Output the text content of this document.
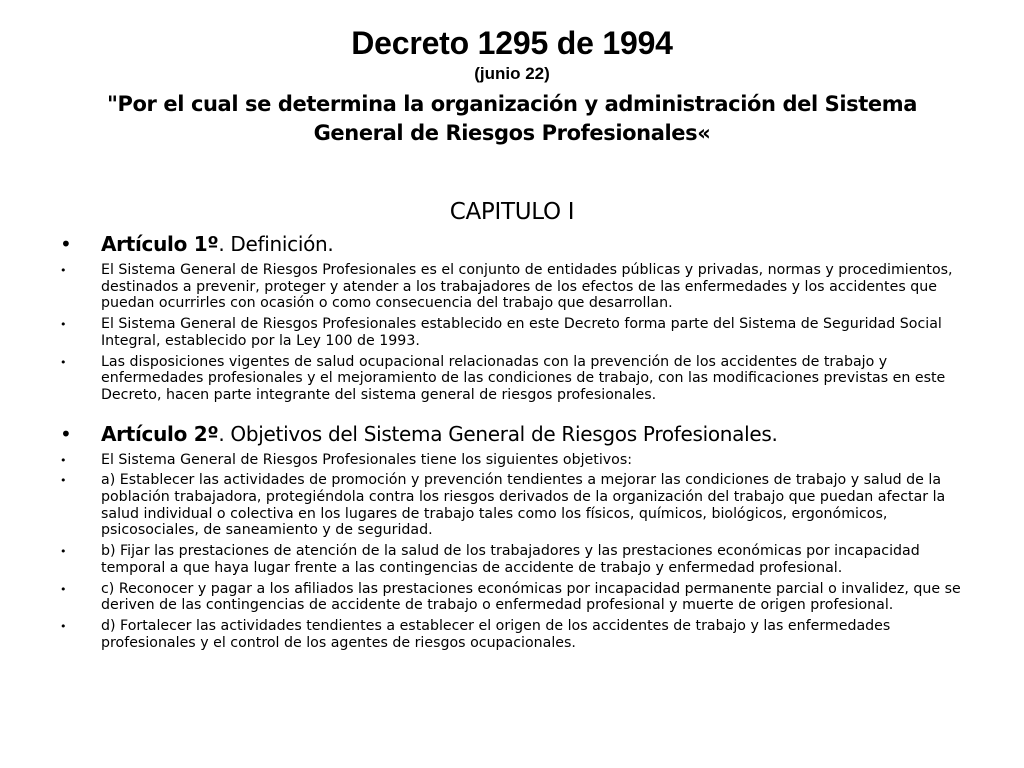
Decreto 1295 de 1994
(junio 22)
"Por el cual se determina la organización y administración del Sistema
General de Riesgos Profesionales«
CAPITULO I
• Artículo 1º. Definición.
• El Sistema General de Riesgos Profesionales es el conjunto de entidades públicas y privadas, normas y procedimientos, destinados a prevenir, proteger y atender a los trabajadores de los efectos de las enfermedades y los accidentes que puedan ocurrirles con ocasión o como consecuencia del trabajo que desarrollan.
• El Sistema General de Riesgos Profesionales establecido en este Decreto forma parte del Sistema de Seguridad Social Integral, establecido por la Ley 100 de 1993.
• Las disposiciones vigentes de salud ocupacional relacionadas con la prevención de los accidentes de trabajo y enfermedades profesionales y el mejoramiento de las condiciones de trabajo, con las modificaciones previstas en este Decreto, hacen parte integrante del sistema general de riesgos profesionales.
• Artículo 2º. Objetivos del Sistema General de Riesgos Profesionales.
• El Sistema General de Riesgos Profesionales tiene los siguientes objetivos:
• a) Establecer las actividades de promoción y prevención tendientes a mejorar las condiciones de trabajo y salud de la población trabajadora, protegiéndola contra los riesgos derivados de la organización del trabajo que puedan afectar la salud individual o colectiva en los lugares de trabajo tales como los físicos, químicos, biológicos, ergonómicos, psicosociales, de saneamiento y de seguridad.
• b) Fijar las prestaciones de atención de la salud de los trabajadores y las prestaciones económicas por incapacidad temporal a que haya lugar frente a las contingencias de accidente de trabajo y enfermedad profesional.
• c) Reconocer y pagar a los afiliados las prestaciones económicas por incapacidad permanente parcial o invalidez, que se deriven de las contingencias de accidente de trabajo o enfermedad profesional y muerte de origen profesional.
• d) Fortalecer las actividades tendientes a establecer el origen de los accidentes de trabajo y las enfermedades profesionales y el control de los agentes de riesgos ocupacionales.
